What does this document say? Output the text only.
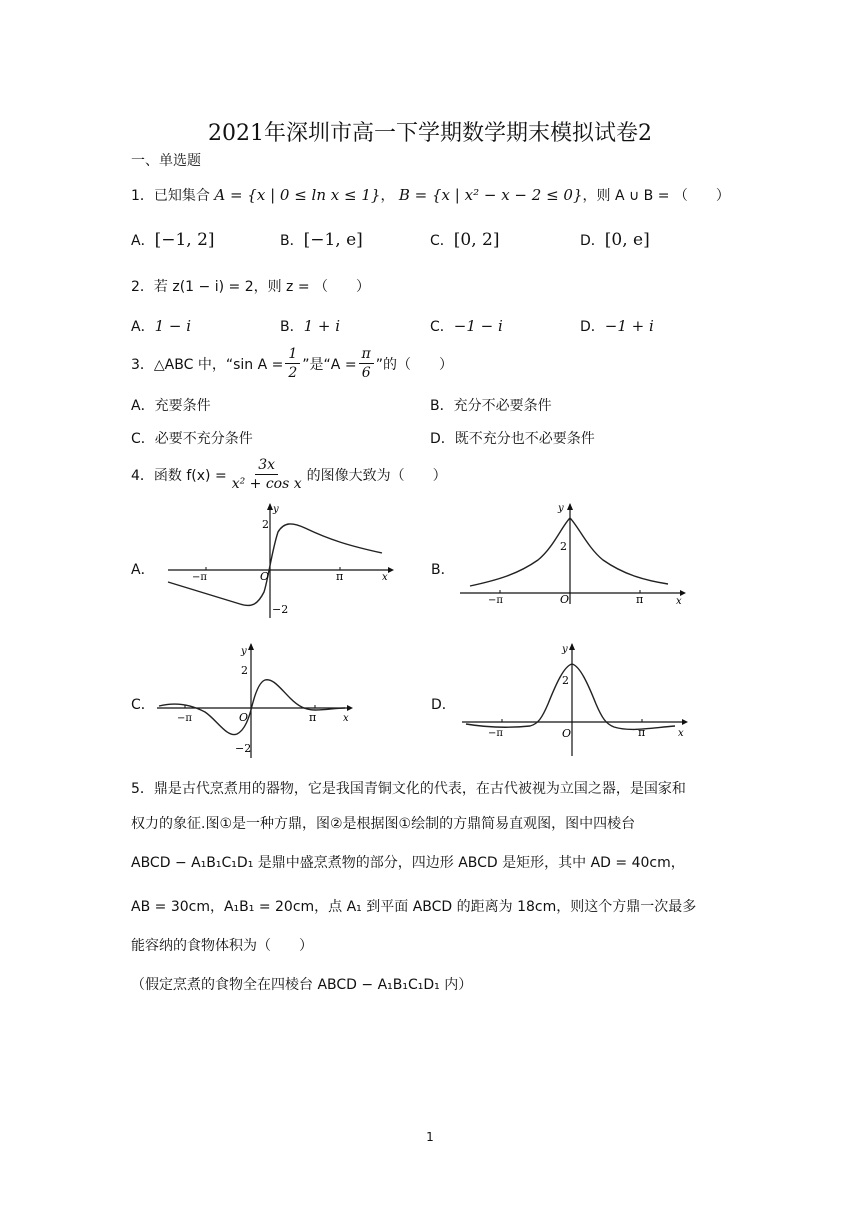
2021年深圳市高一下学期数学期末模拟试卷2
一、单选题
1．已知集合 A = {x | 0 ≤ ln x ≤ 1}， B = {x | x² − x − 2 ≤ 0}，则 A ∪ B = （　　）
A．[−1, 2]	B．[−1, e]	C．[0, 2]	D．[0, e]
2．若 z(1 − i) = 2，则 z = （　　）
A．1 − i	B．1 + i	C．−1 − i	D．−1 + i
3．△ABC 中，“sin $A = \frac{1}{2}$ ”是“$A = \frac{\pi}{6}$ ”的（　　）
A．充要条件	B．充分不必要条件
C．必要不充分条件	D．既不充分也不必要条件
4．函数 $f(x) = \frac{3x}{\text{x² + cos x}}$ 的图像大致为（　　）
A．	B．
C．	D．
y
2
−π	O	π	x
−2
y
2
−π	O	π	x
y
2
−π	O	π	x
−2
y
2
−π	O	π	x
5．鼎是古代烹煮用的器物，它是我国青铜文化的代表，在古代被视为立国之器，是国家和
权力的象征.图①是一种方鼎，图②是根据图①绘制的方鼎简易直观图，图中四棱台
ABCD − A₁B₁C₁D₁ 是鼎中盛烹煮物的部分，四边形 ABCD 是矩形，其中 AD = 40cm，
AB = 30cm，A₁B₁ = 20cm，点 A₁ 到平面 ABCD 的距离为 18cm，则这个方鼎一次最多
能容纳的食物体积为（　　）
（假定烹煮的食物全在四棱台 ABCD − A₁B₁C₁D₁ 内）
1
